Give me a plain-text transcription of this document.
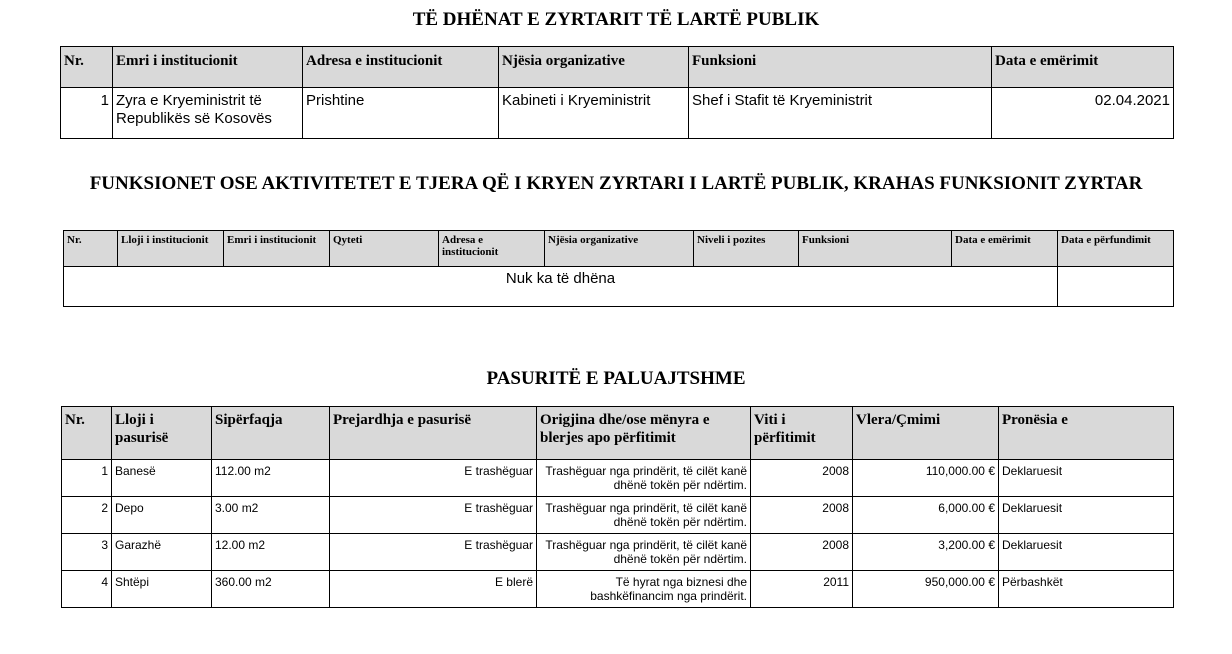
TË DHËNAT E ZYRTARIT TË LARTË PUBLIK
Nr.	Emri i institucionit	Adresa e institucionit	Njësia organizative	Funksioni	Data e emërimit
1	Zyra e Kryeministrit të Republikës së Kosovës	Prishtine	Kabineti i Kryeministrit	Shef i Stafit të Kryeministrit	02.04.2021
FUNKSIONET OSE AKTIVITETET E TJERA QË I KRYEN ZYRTARI I LARTË PUBLIK, KRAHAS FUNKSIONIT ZYRTAR
Nr.	Lloji i institucionit	Emri i institucionit	Qyteti	Adresa e institucionit	Njësia organizative	Niveli i pozites	Funksioni	Data e emërimit	Data e përfundimit
Nuk ka të dhëna									
PASURITË E PALUAJTSHME
Nr.	Lloji i pasurisë	Sipërfaqja	Prejardhja e pasurisë	Origjina dhe/ose mënyra e blerjes apo përfitimit	Viti i përfitimit	Vlera/Çmimi	Pronësia e
1	Banesë	112.00 m2	E trashëguar	Trashëguar nga prindërit, të cilët kanë dhënë tokën për ndërtim.	2008	110,000.00 €	Deklaruesit
2	Depo	3.00 m2	E trashëguar	Trashëguar nga prindërit, të cilët kanë dhënë tokën për ndërtim.	2008	6,000.00 €	Deklaruesit
3	Garazhë	12.00 m2	E trashëguar	Trashëguar nga prindërit, të cilët kanë dhënë tokën për ndërtim.	2008	3,200.00 €	Deklaruesit
4	Shtëpi	360.00 m2	E blerë	Të hyrat nga biznesi dhe bashkëfinancim nga prindërit.	2011	950,000.00 €	Përbashkët
